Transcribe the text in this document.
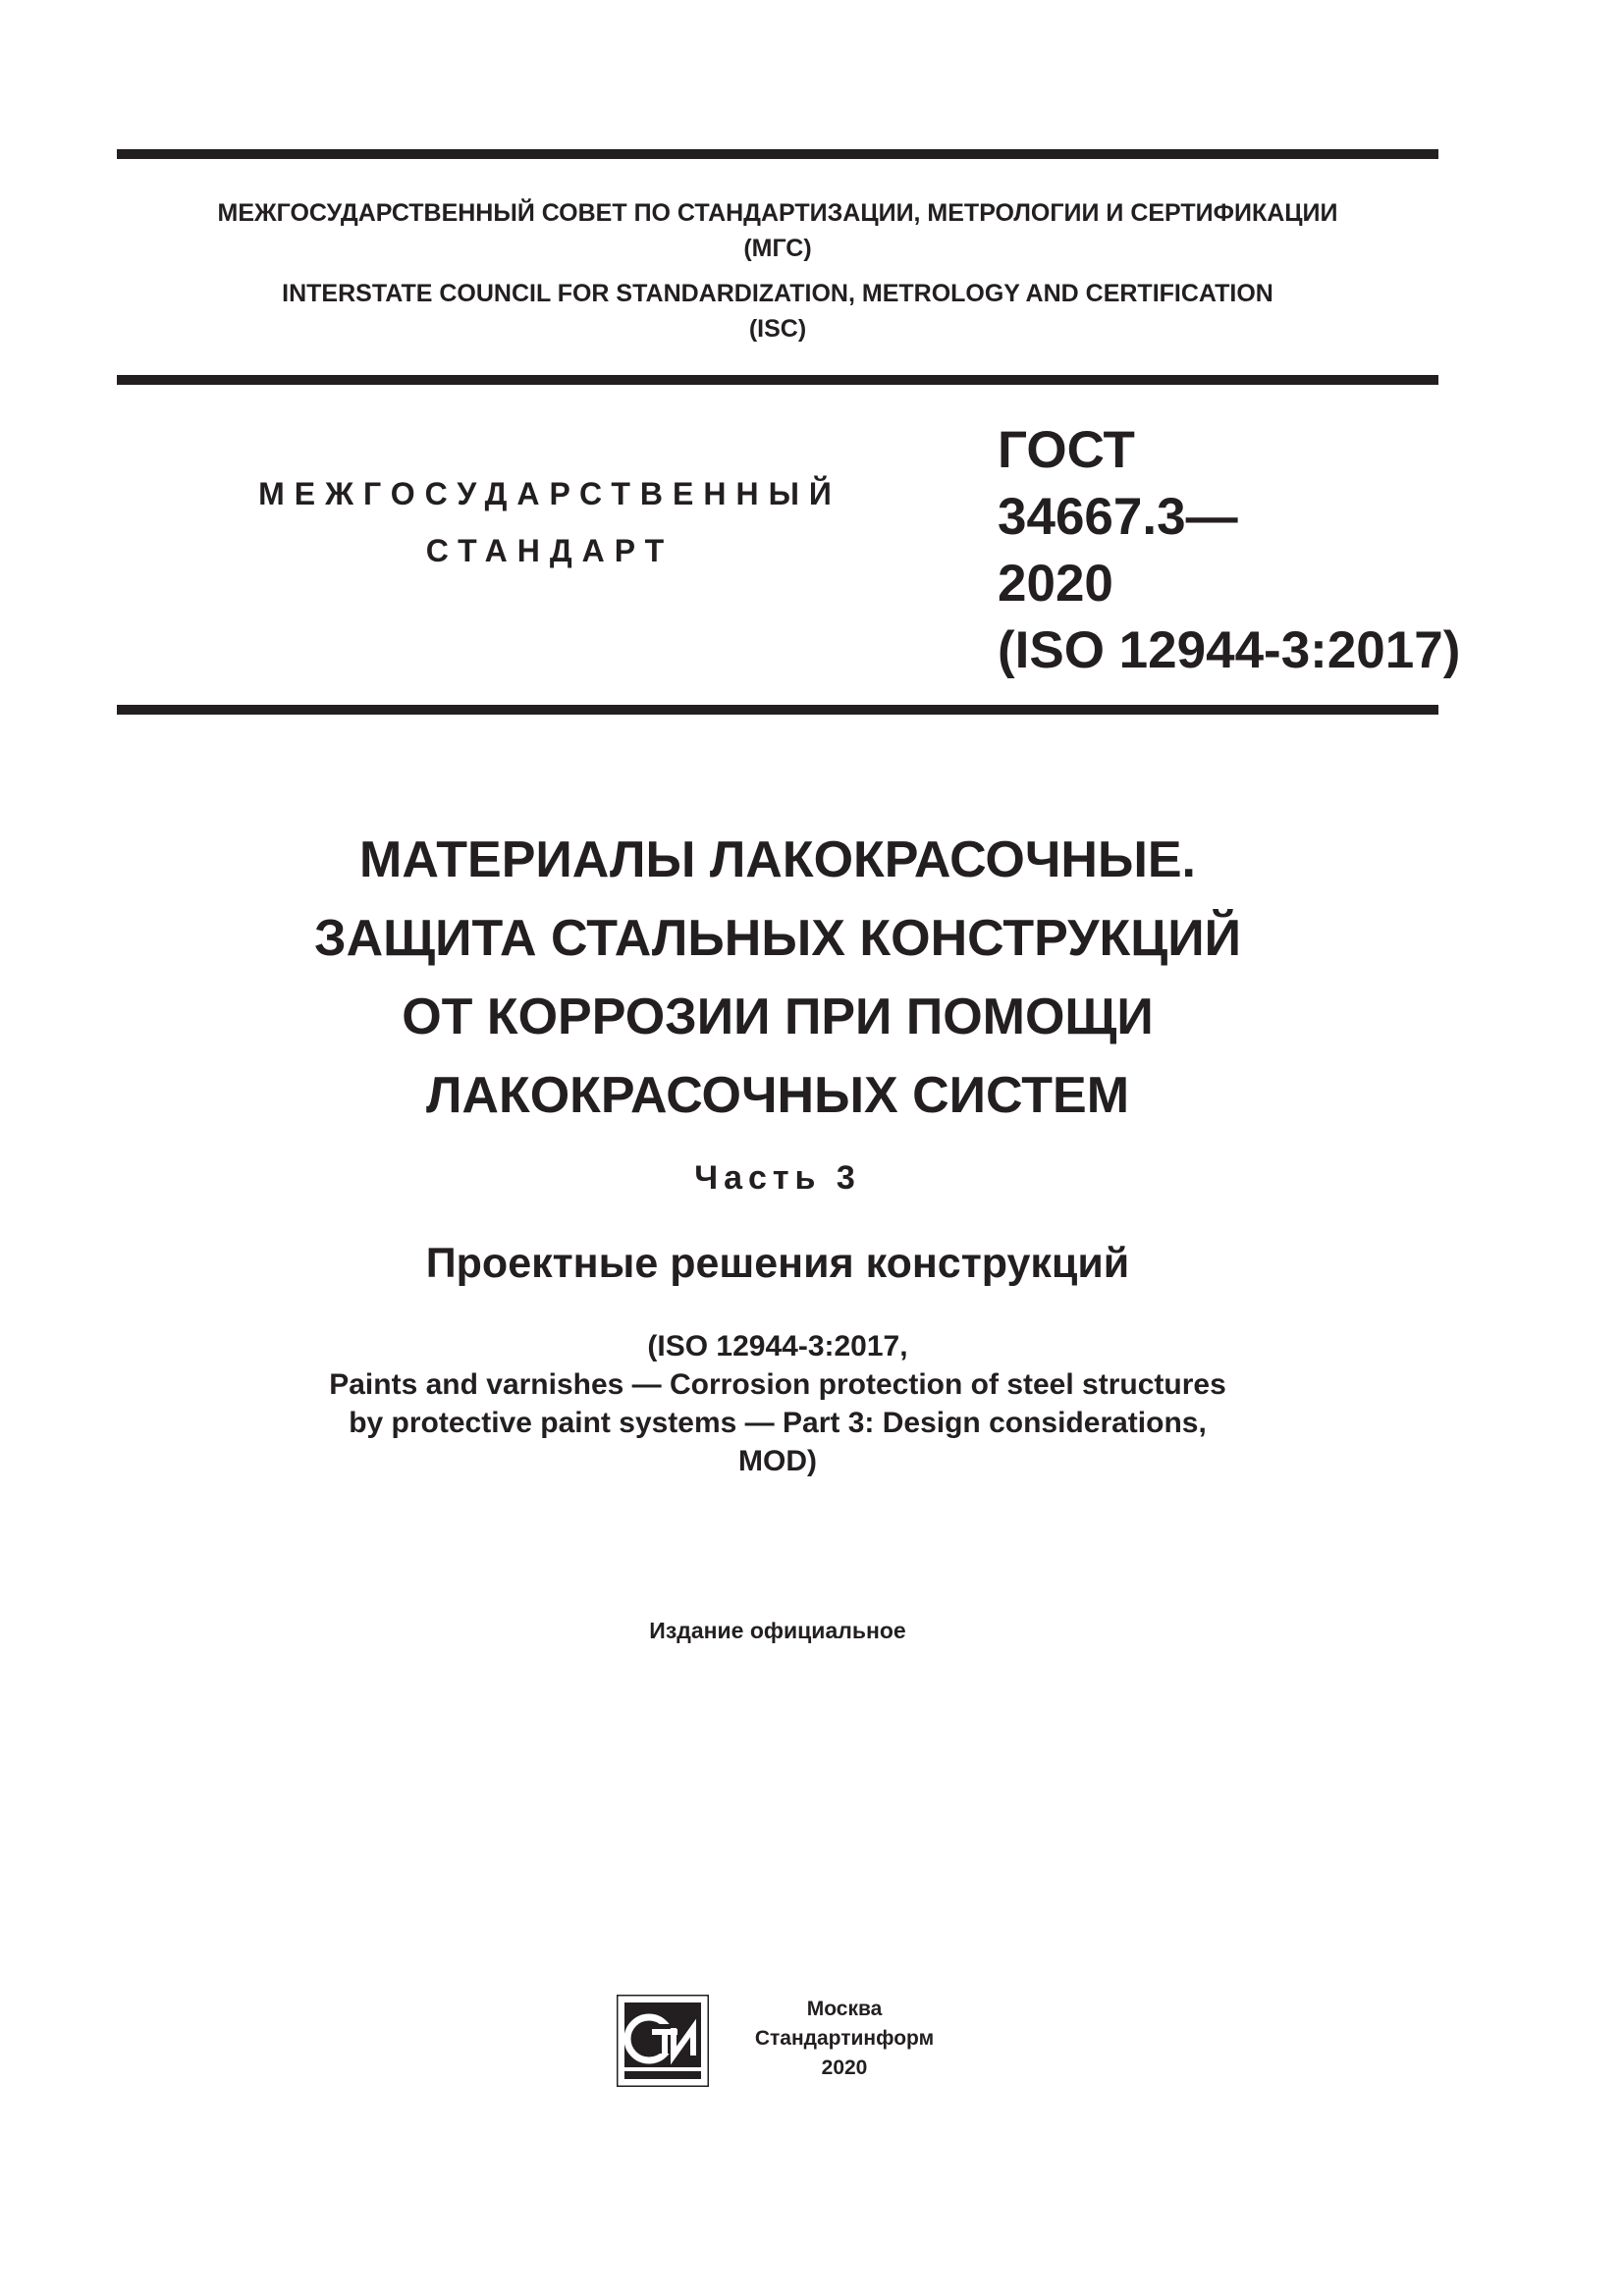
МЕЖГОСУДАРСТВЕННЫЙ СОВЕТ ПО СТАНДАРТИЗАЦИИ, МЕТРОЛОГИИ И СЕРТИФИКАЦИИ
(МГС)
INTERSTATE COUNCIL FOR STANDARDIZATION, METROLOGY AND CERTIFICATION
(ISC)
МЕЖГОСУДАРСТВЕННЫЙ
СТАНДАРТ
ГОСТ
34667.3—
2020
(ISO 12944-3:2017)
МАТЕРИАЛЫ ЛАКОКРАСОЧНЫЕ.
ЗАЩИТА СТАЛЬНЫХ КОНСТРУКЦИЙ
ОТ КОРРОЗИИ ПРИ ПОМОЩИ
ЛАКОКРАСОЧНЫХ СИСТЕМ
Часть 3
Проектные решения конструкций
(ISO 12944-3:2017,
Paints and varnishes — Corrosion protection of steel structures
by protective paint systems — Part 3: Design considerations,
MOD)
Издание официальное
Москва
Стандартинформ
2020
